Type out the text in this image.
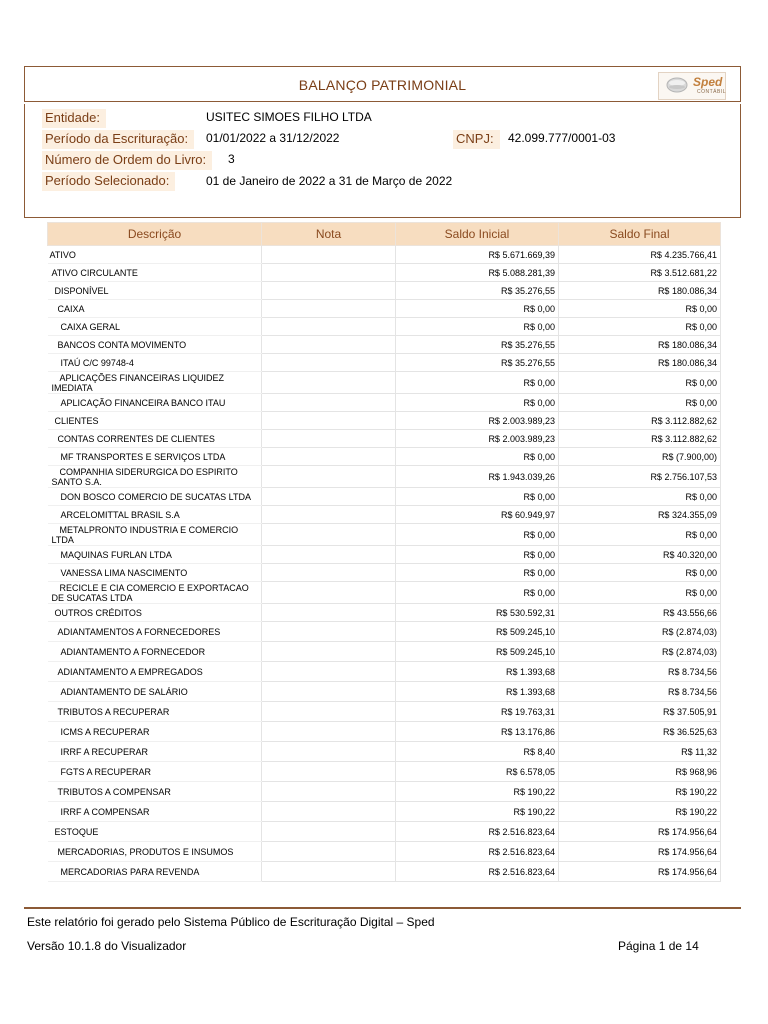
BALANÇO PATRIMONIAL	Sped
CONTÁBIL
Entidade:	USITEC SIMOES FILHO LTDA
Período da Escrituração:	01/01/2022 a 31/12/2022	CNPJ:	42.099.777/0001-03
Número de Ordem do Livro:	3
Período Selecionado:	01 de Janeiro de 2022 a 31 de Março de 2022
Descrição	Nota	Saldo Inicial	Saldo Final
ATIVO		R$ 5.671.669,39	R$ 4.235.766,41
ATIVO CIRCULANTE		R$ 5.088.281,39	R$ 3.512.681,22
DISPONÍVEL		R$ 35.276,55	R$ 180.086,34
CAIXA		R$ 0,00	R$ 0,00
CAIXA GERAL		R$ 0,00	R$ 0,00
BANCOS CONTA MOVIMENTO		R$ 35.276,55	R$ 180.086,34
ITAÚ C/C 99748-4		R$ 35.276,55	R$ 180.086,34
APLICAÇÕES FINANCEIRAS LIQUIDEZ IMEDIATA		R$ 0,00	R$ 0,00
APLICAÇÃO FINANCEIRA BANCO ITAU		R$ 0,00	R$ 0,00
CLIENTES		R$ 2.003.989,23	R$ 3.112.882,62
CONTAS CORRENTES DE CLIENTES		R$ 2.003.989,23	R$ 3.112.882,62
MF TRANSPORTES E SERVIÇOS LTDA		R$ 0,00	R$ (7.900,00)
COMPANHIA SIDERURGICA DO ESPIRITO SANTO S.A.		R$ 1.943.039,26	R$ 2.756.107,53
DON BOSCO COMERCIO DE SUCATAS LTDA		R$ 0,00	R$ 0,00
ARCELOMITTAL BRASIL S.A		R$ 60.949,97	R$ 324.355,09
METALPRONTO INDUSTRIA E COMERCIO LTDA		R$ 0,00	R$ 0,00
MAQUINAS FURLAN LTDA		R$ 0,00	R$ 40.320,00
VANESSA LIMA NASCIMENTO		R$ 0,00	R$ 0,00
RECICLE E CIA COMERCIO E EXPORTACAO DE SUCATAS LTDA		R$ 0,00	R$ 0,00
OUTROS CRÉDITOS		R$ 530.592,31	R$ 43.556,66
ADIANTAMENTOS A FORNECEDORES		R$ 509.245,10	R$ (2.874,03)
ADIANTAMENTO A FORNECEDOR		R$ 509.245,10	R$ (2.874,03)
ADIANTAMENTO A EMPREGADOS		R$ 1.393,68	R$ 8.734,56
ADIANTAMENTO DE SALÁRIO		R$ 1.393,68	R$ 8.734,56
TRIBUTOS A RECUPERAR		R$ 19.763,31	R$ 37.505,91
ICMS A RECUPERAR		R$ 13.176,86	R$ 36.525,63
IRRF A RECUPERAR		R$ 8,40	R$ 11,32
FGTS A RECUPERAR		R$ 6.578,05	R$ 968,96
TRIBUTOS A COMPENSAR		R$ 190,22	R$ 190,22
IRRF A COMPENSAR		R$ 190,22	R$ 190,22
ESTOQUE		R$ 2.516.823,64	R$ 174.956,64
MERCADORIAS, PRODUTOS E INSUMOS		R$ 2.516.823,64	R$ 174.956,64
MERCADORIAS PARA REVENDA		R$ 2.516.823,64	R$ 174.956,64
Este relatório foi gerado pelo Sistema Público de Escrituração Digital – Sped
Versão 10.1.8 do Visualizador	Página 1 de 14
